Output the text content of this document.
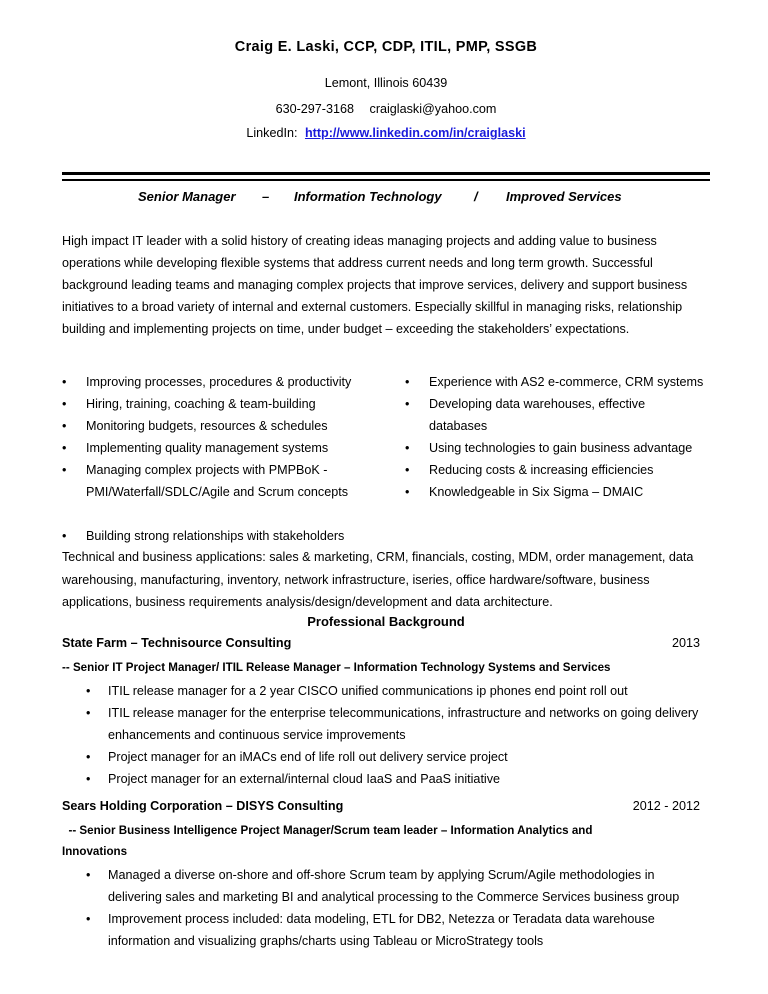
Craig E. Laski, CCP, CDP, ITIL, PMP, SSGB
Lemont, Illinois 60439
630-297-3168 craiglaski@yahoo.com
LinkedIn: http://www.linkedin.com/in/craiglaski
Senior Manager – Information Technology / Improved Services
High impact IT leader with a solid history of creating ideas managing projects and adding value to business operations while developing flexible systems that address current needs and long term growth. Successful background leading teams and managing complex projects that improve services, delivery and support business initiatives to a broad variety of internal and external customers. Especially skillful in managing risks, relationship building and implementing projects on time, under budget – exceeding the stakeholders’ expectations.
• Improving processes, procedures & productivity
• Hiring, training, coaching & team-building
• Monitoring budgets, resources & schedules
• Implementing quality management systems
• Managing complex projects with PMPBoK - PMI/Waterfall/SDLC/Agile and Scrum concepts
• Experience with AS2 e-commerce, CRM systems
• Developing data warehouses, effective databases
• Using technologies to gain business advantage
• Reducing costs & increasing efficiencies
• Knowledgeable in Six Sigma – DMAIC
• Building strong relationships with stakeholders
Technical and business applications: sales & marketing, CRM, financials, costing, MDM, order management, data warehousing, manufacturing, inventory, network infrastructure, iseries, office hardware/software, business applications, business requirements analysis/design/development and data architecture.
Professional Background
State Farm – Technisource Consulting	2013
-- Senior IT Project Manager/ ITIL Release Manager – Information Technology Systems and Services
• ITIL release manager for a 2 year CISCO unified communications ip phones end point roll out
• ITIL release manager for the enterprise telecommunications, infrastructure and networks on going delivery enhancements and continuous service improvements
• Project manager for an iMACs end of life roll out delivery service project
• Project manager for an external/internal cloud IaaS and PaaS initiative
Sears Holding Corporation – DISYS Consulting	2012 - 2012
-- Senior Business Intelligence Project Manager/Scrum team leader – Information Analytics and Innovations
• Managed a diverse on-shore and off-shore Scrum team by applying Scrum/Agile methodologies in delivering sales and marketing BI and analytical processing to the Commerce Services business group
• Improvement process included: data modeling, ETL for DB2, Netezza or Teradata data warehouse information and visualizing graphs/charts using Tableau or MicroStrategy tools
